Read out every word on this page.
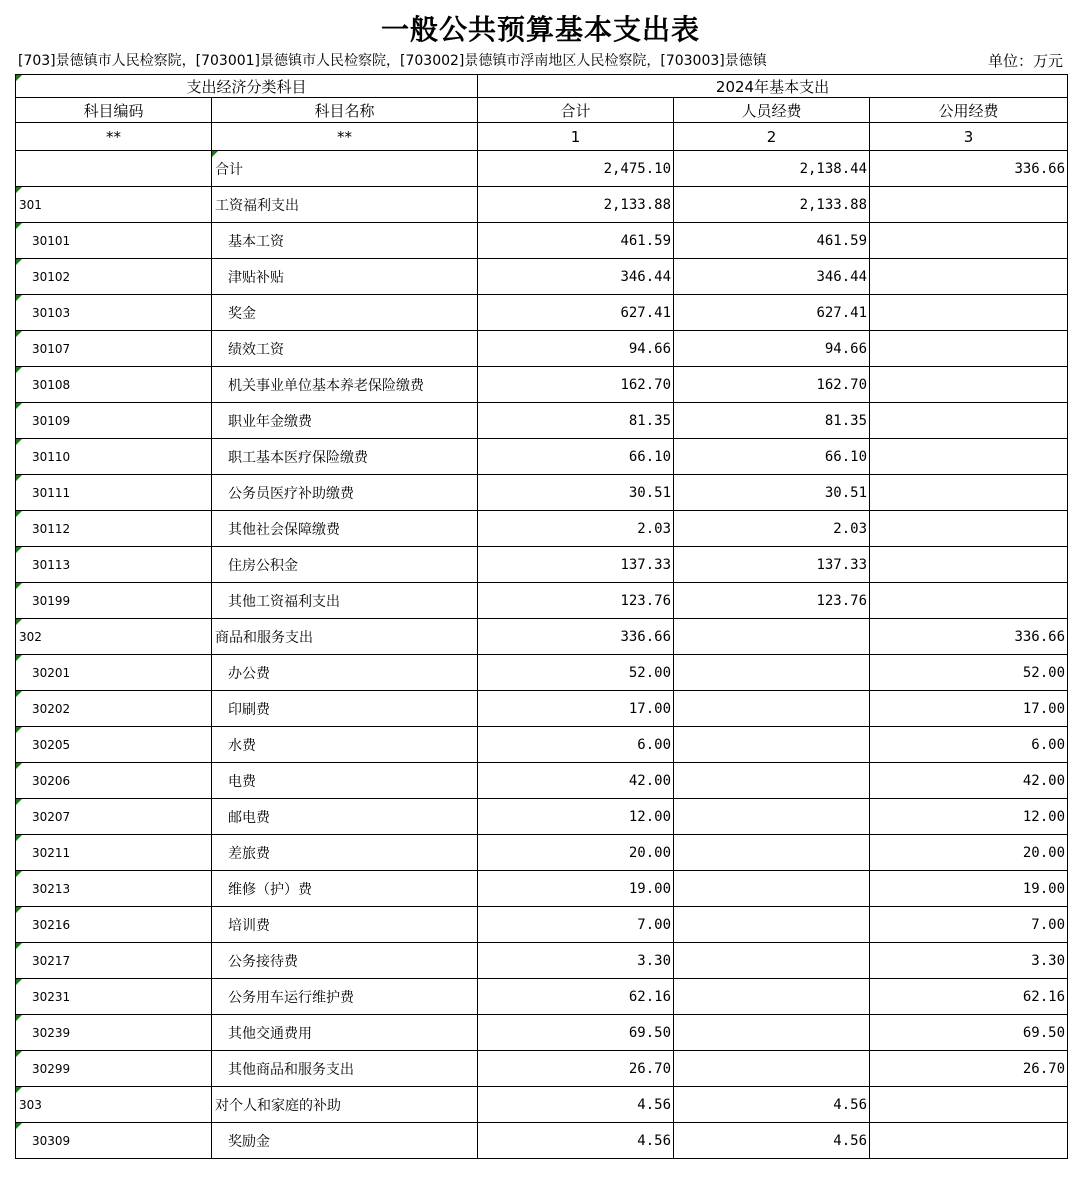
一般公共预算基本支出表
[703]景德镇市人民检察院，[703001]景德镇市人民检察院，[703002]景德镇市浮南地区人民检察院，[703003]景德镇	单位：万元
支出经济分类科目		2024年基本支出		
科目编码	科目名称	合计	人员经费	公用经费
**	**	1	2	3
	合计	2,475.10	2,138.44	336.66
301	工资福利支出	2,133.88	2,133.88	
30101	基本工资	461.59	461.59	
30102	津贴补贴	346.44	346.44	
30103	奖金	627.41	627.41	
30107	绩效工资	94.66	94.66	
30108	机关事业单位基本养老保险缴费	162.70	162.70	
30109	职业年金缴费	81.35	81.35	
30110	职工基本医疗保险缴费	66.10	66.10	
30111	公务员医疗补助缴费	30.51	30.51	
30112	其他社会保障缴费	2.03	2.03	
30113	住房公积金	137.33	137.33	
30199	其他工资福利支出	123.76	123.76	
302	商品和服务支出	336.66		336.66
30201	办公费	52.00		52.00
30202	印刷费	17.00		17.00
30205	水费	6.00		6.00
30206	电费	42.00		42.00
30207	邮电费	12.00		12.00
30211	差旅费	20.00		20.00
30213	维修（护）费	19.00		19.00
30216	培训费	7.00		7.00
30217	公务接待费	3.30		3.30
30231	公务用车运行维护费	62.16		62.16
30239	其他交通费用	69.50		69.50
30299	其他商品和服务支出	26.70		26.70
303	对个人和家庭的补助	4.56	4.56	
30309	奖励金	4.56	4.56	
